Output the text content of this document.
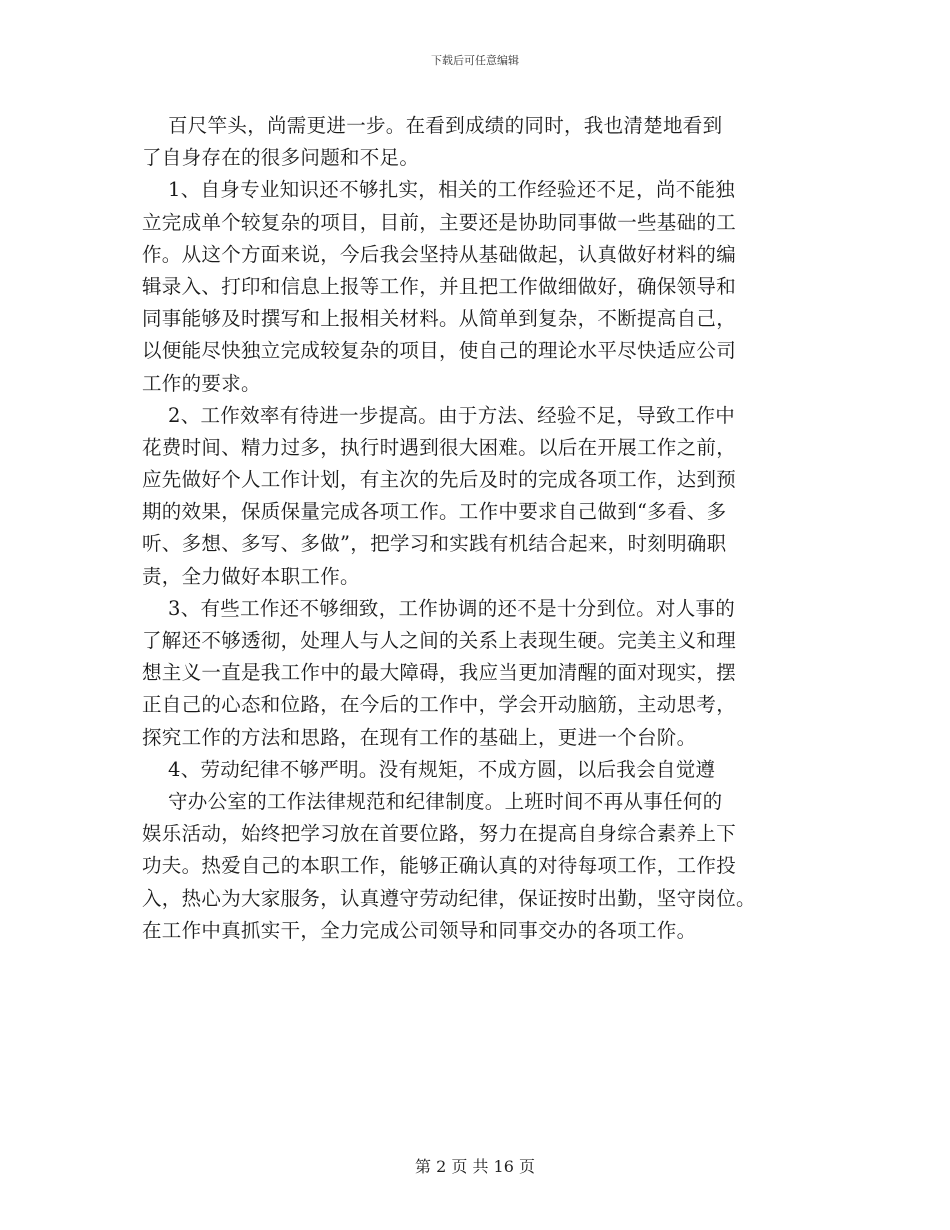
下载后可任意编辑
百尺竿头，尚需更进一步。在看到成绩的同时，我也清楚地看到
了自身存在的很多问题和不足。
1、自身专业知识还不够扎实，相关的工作经验还不足，尚不能独
立完成单个较复杂的项目，目前，主要还是协助同事做一些基础的工
作。从这个方面来说，今后我会坚持从基础做起，认真做好材料的编
辑录入、打印和信息上报等工作，并且把工作做细做好，确保领导和
同事能够及时撰写和上报相关材料。从简单到复杂，不断提高自己，
以便能尽快独立完成较复杂的项目，使自己的理论水平尽快适应公司
工作的要求。
2、工作效率有待进一步提高。由于方法、经验不足，导致工作中
花费时间、精力过多，执行时遇到很大困难。以后在开展工作之前，
应先做好个人工作计划，有主次的先后及时的完成各项工作，达到预
期的效果，保质保量完成各项工作。工作中要求自己做到“多看、多
听、多想、多写、多做”，把学习和实践有机结合起来，时刻明确职
责，全力做好本职工作。
3、有些工作还不够细致，工作协调的还不是十分到位。对人事的
了解还不够透彻，处理人与人之间的关系上表现生硬。完美主义和理
想主义一直是我工作中的最大障碍，我应当更加清醒的面对现实，摆
正自己的心态和位路，在今后的工作中，学会开动脑筋，主动思考，
探究工作的方法和思路，在现有工作的基础上，更进一个台阶。
4、劳动纪律不够严明。没有规矩，不成方圆，以后我会自觉遵
守办公室的工作法律规范和纪律制度。上班时间不再从事任何的
娱乐活动，始终把学习放在首要位路，努力在提高自身综合素养上下
功夫。热爱自己的本职工作，能够正确认真的对待每项工作，工作投
入，热心为大家服务，认真遵守劳动纪律，保证按时出勤，坚守岗位。
在工作中真抓实干，全力完成公司领导和同事交办的各项工作。
第 2 页 共 16 页
